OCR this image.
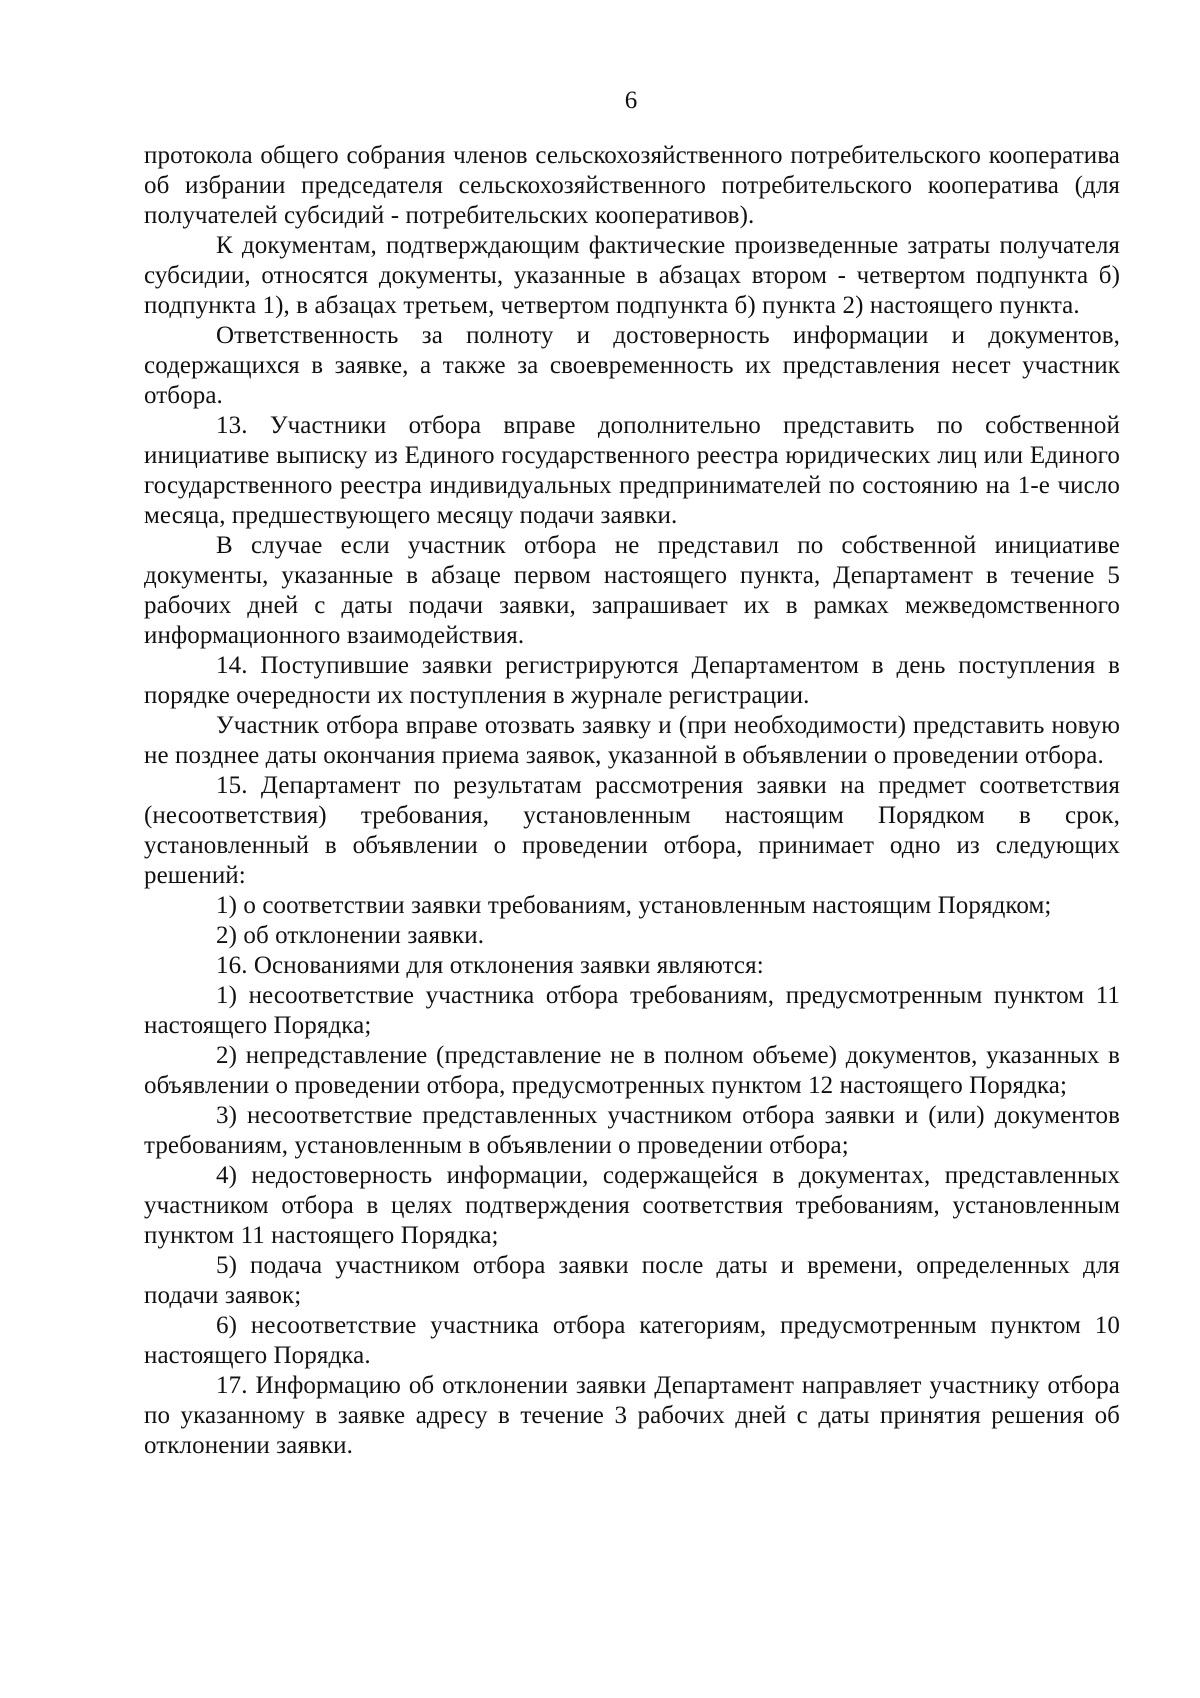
6

протокола общего собрания членов сельскохозяйственного потребительского кооператива об избрании председателя сельскохозяйственного потребительского кооператива (для получателей субсидий - потребительских кооперативов).

К документам, подтверждающим фактические произведенные затраты получателя субсидии, относятся документы, указанные в абзацах втором - четвертом подпункта б) подпункта 1), в абзацах третьем, четвертом подпункта б) пункта 2) настоящего пункта.

Ответственность за полноту и достоверность информации и документов, содержащихся в заявке, а также за своевременность их представления несет участник отбора.

13. Участники отбора вправе дополнительно представить по собственной инициативе выписку из Единого государственного реестра юридических лиц или Единого государственного реестра индивидуальных предпринимателей по состоянию на 1-е число месяца, предшествующего месяцу подачи заявки.

В случае если участник отбора не представил по собственной инициативе документы, указанные в абзаце первом настоящего пункта, Департамент в течение 5 рабочих дней с даты подачи заявки, запрашивает их в рамках межведомственного информационного взаимодействия.

14. Поступившие заявки регистрируются Департаментом в день поступления в порядке очередности их поступления в журнале регистрации.

Участник отбора вправе отозвать заявку и (при необходимости) представить новую не позднее даты окончания приема заявок, указанной в объявлении о проведении отбора.

15. Департамент по результатам рассмотрения заявки на предмет соответствия (несоответствия) требования, установленным настоящим Порядком в срок, установленный в объявлении о проведении отбора, принимает одно из следующих решений:

1) о соответствии заявки требованиям, установленным настоящим Порядком;

2) об отклонении заявки.

16. Основаниями для отклонения заявки являются:

1) несоответствие участника отбора требованиям, предусмотренным пунктом 11 настоящего Порядка;

2) непредставление (представление не в полном объеме) документов, указанных в объявлении о проведении отбора, предусмотренных пунктом 12 настоящего Порядка;

3) несоответствие представленных участником отбора заявки и (или) документов требованиям, установленным в объявлении о проведении отбора;

4) недостоверность информации, содержащейся в документах, представленных участником отбора в целях подтверждения соответствия требованиям, установленным пунктом 11 настоящего Порядка;

5) подача участником отбора заявки после даты и времени, определенных для подачи заявок;

6) несоответствие участника отбора категориям, предусмотренным пунктом 10 настоящего Порядка.

17. Информацию об отклонении заявки Департамент направляет участнику отбора по указанному в заявке адресу в течение 3 рабочих дней с даты принятия решения об отклонении заявки.
